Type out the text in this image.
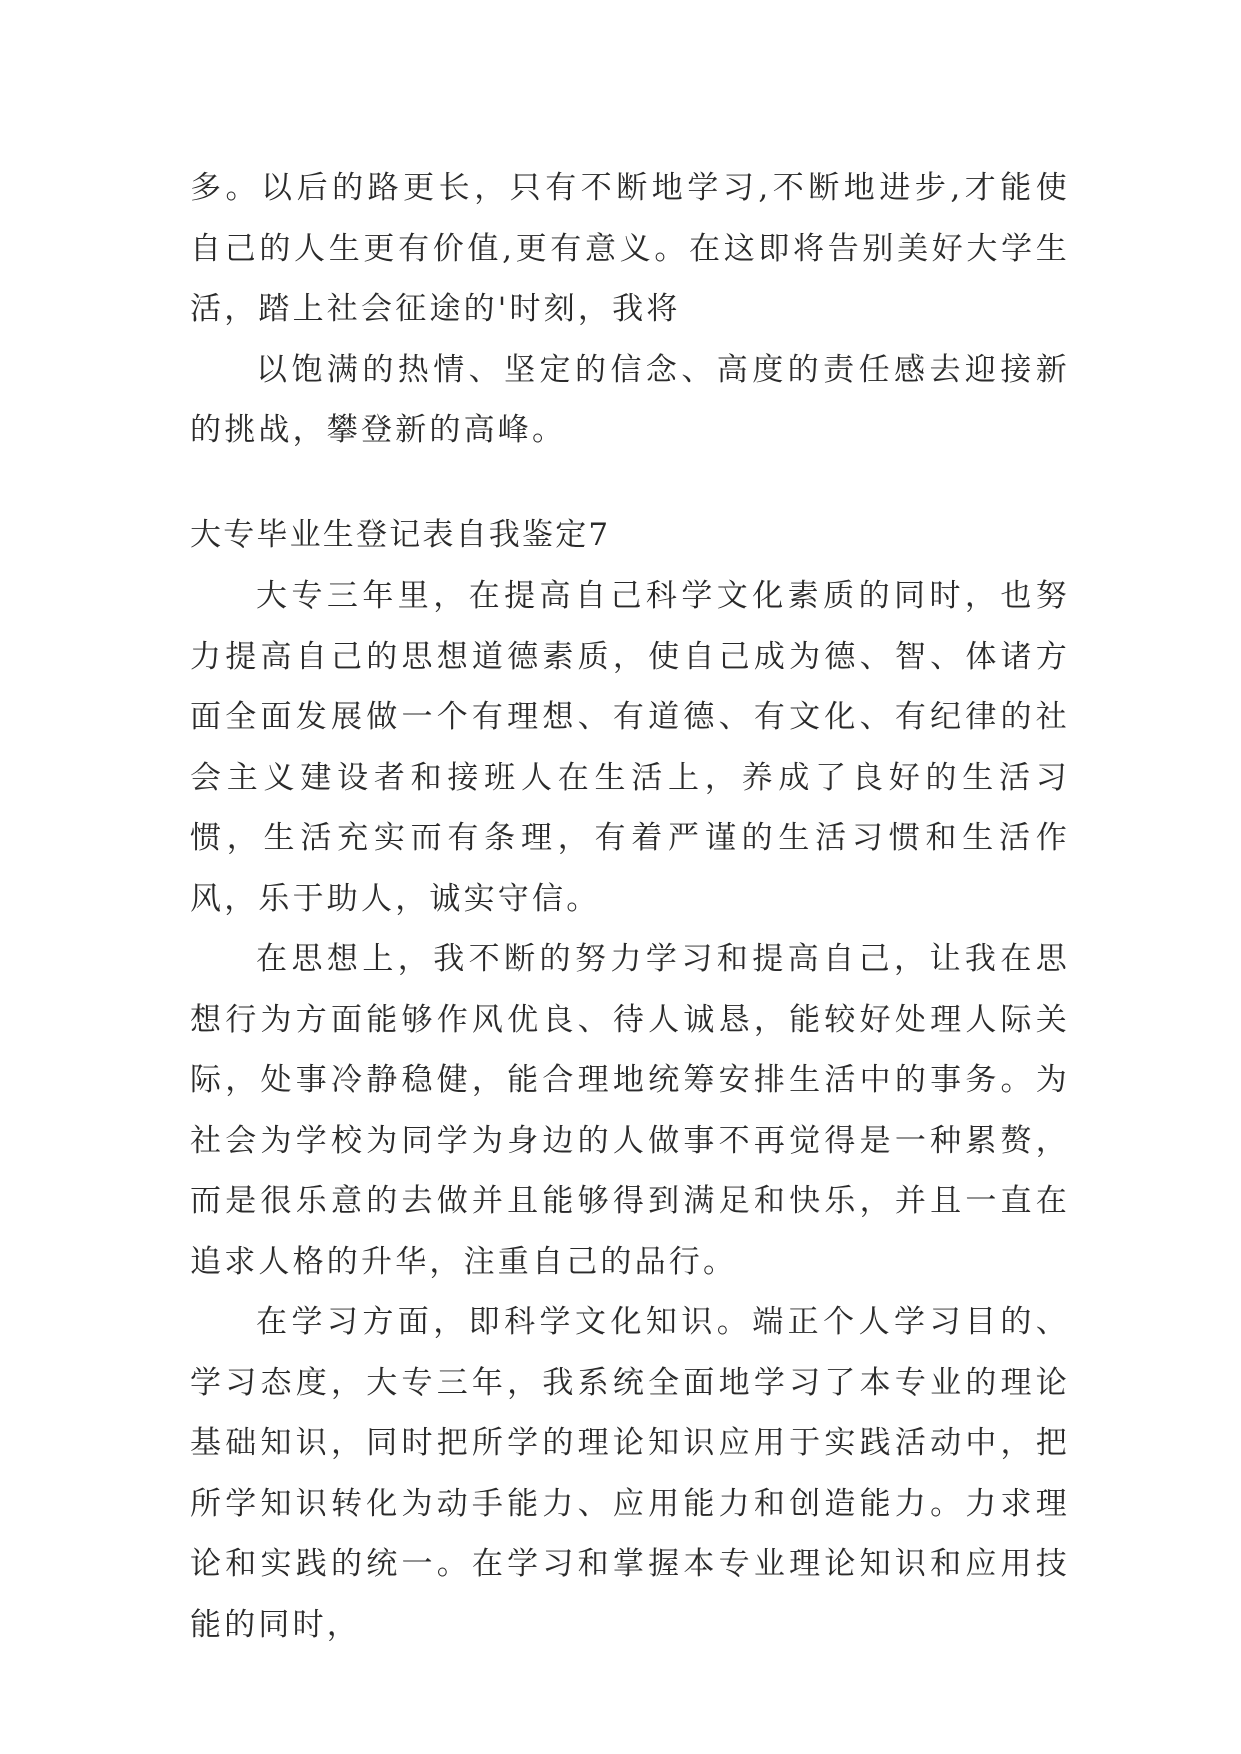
多。以后的路更长，只有不断地学习,不断地进步,才能使自己的人生更有价值,更有意义。在这即将告别美好大学生活，踏上社会征途的'时刻，我将

以饱满的热情、坚定的信念、高度的责任感去迎接新的挑战，攀登新的高峰。

大专毕业生登记表自我鉴定7

大专三年里，在提高自己科学文化素质的同时，也努力提高自己的思想道德素质，使自己成为德、智、体诸方面全面发展做一个有理想、有道德、有文化、有纪律的社会主义建设者和接班人在生活上，养成了良好的生活习惯，生活充实而有条理，有着严谨的生活习惯和生活作风，乐于助人，诚实守信。

在思想上，我不断的努力学习和提高自己，让我在思想行为方面能够作风优良、待人诚恳，能较好处理人际关际，处事冷静稳健，能合理地统筹安排生活中的事务。为社会为学校为同学为身边的人做事不再觉得是一种累赘，而是很乐意的去做并且能够得到满足和快乐，并且一直在追求人格的升华，注重自己的品行。

在学习方面，即科学文化知识。端正个人学习目的、学习态度，大专三年，我系统全面地学习了本专业的理论基础知识，同时把所学的理论知识应用于实践活动中，把所学知识转化为动手能力、应用能力和创造能力。力求理论和实践的统一。在学习和掌握本专业理论知识和应用技能的同时，
